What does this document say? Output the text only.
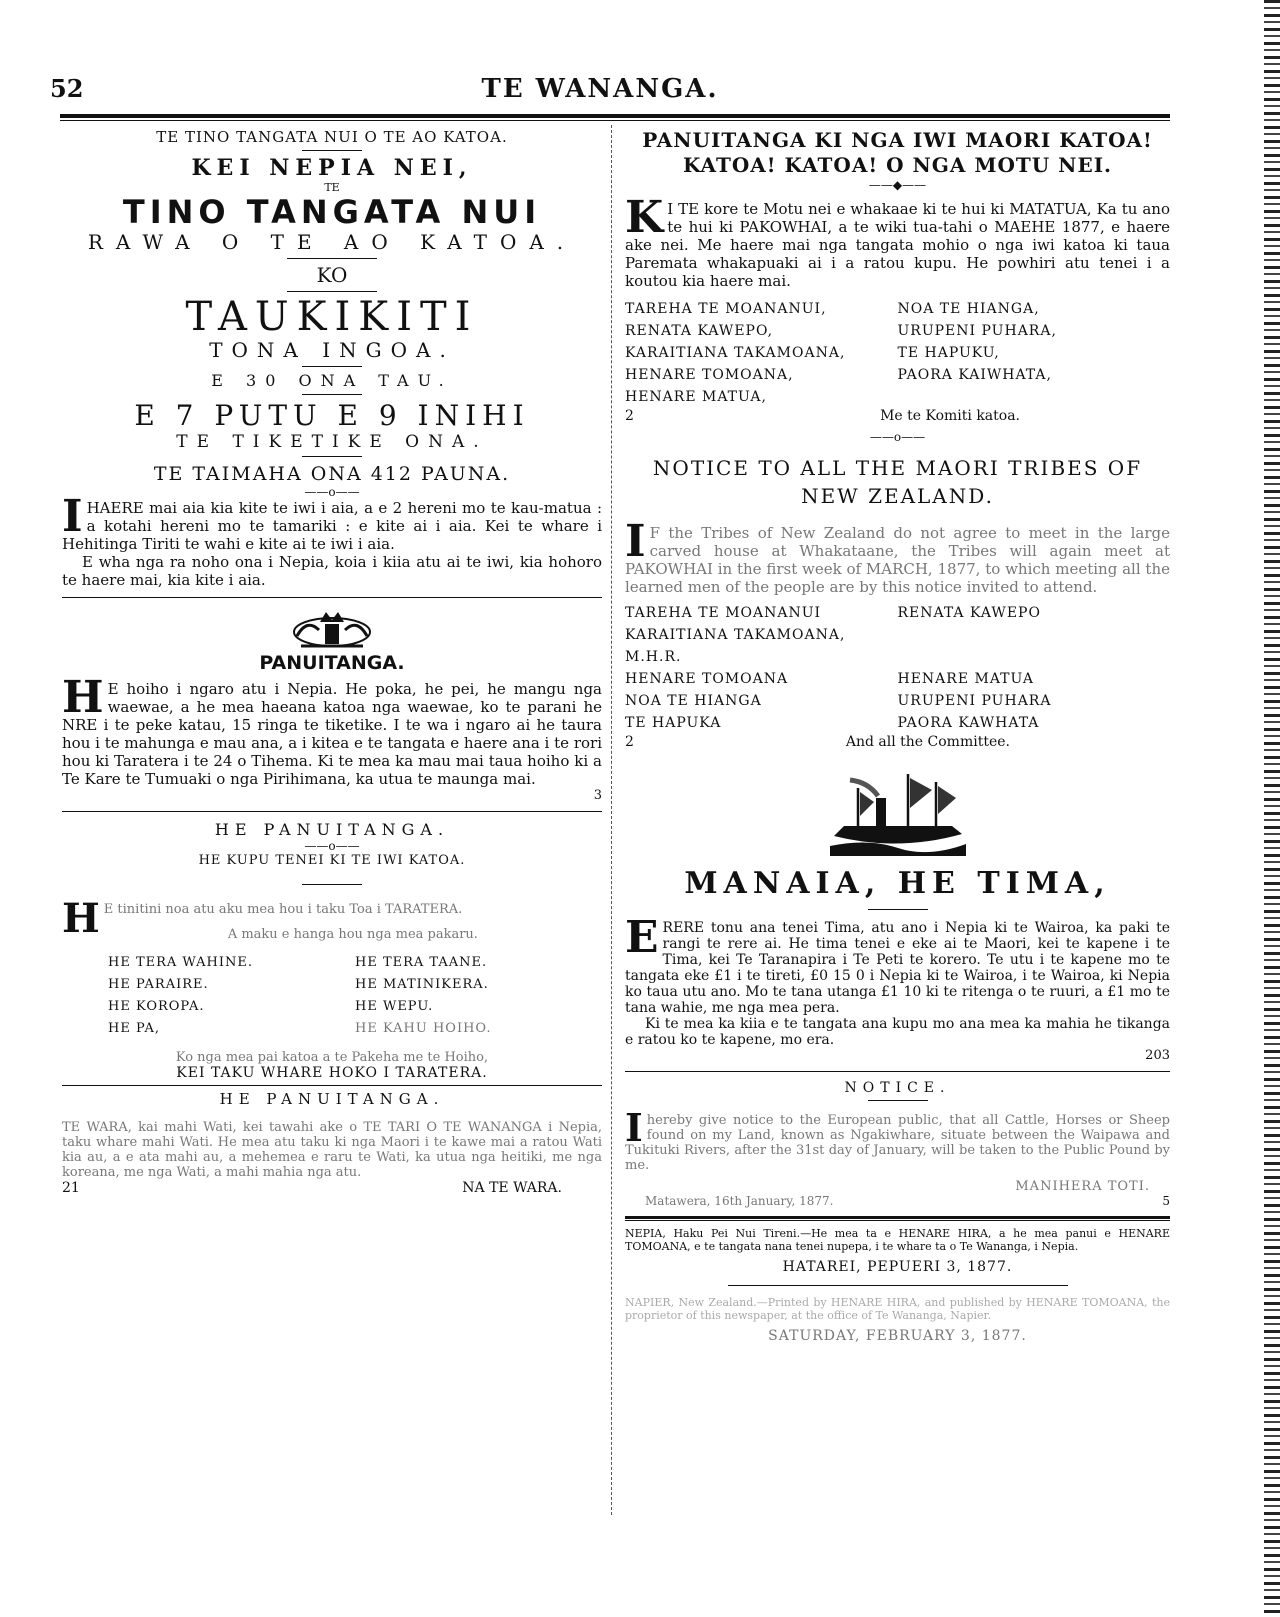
52	TE WANANGA.
TE TINO TANGATA NUI O TE AO KATOA.
KEI NEPIA NEI,
TE
TINO TANGATA NUI
RAWA O TE AO KATOA.
KO
TAUKIKITI
TONA INGOA.
E 30 ONA TAU.
E 7 PUTU E 9 INIHI
TE TIKETIKE ONA.
TE TAIMAHA ONA 412 PAUNA.
——o——

IHAERE mai aia kia kite te iwi i aia, a e 2 hereni mo te kau-matua : a kotahi hereni mo te tamariki : e kite ai i aia. Kei te whare i Hehitinga Tiriti te wahi e kite ai te iwi i aia.

E wha nga ra noho ona i Nepia, koia i kiia atu ai te iwi, kia hohoro te haere mai, kia kite i aia.

PANUITANGA.

H E hoiho i ngaro atu i Nepia. He poka, he pei, he mangu nga waewae, a he mea haeana katoa nga waewae, ko te parani he NRE i te peke katau, 15 ringa te tiketike. I te wa i ngaro ai he taura hou i te mahunga e mau ana, a i kitea e te tangata e haere ana i te rori hou ki Taratera i te 24 o Tihema. Ki te mea ka mau mai taua hoiho ki a Te Kare te Tumuaki o nga Pirihimana, ka utua te maunga mai.

3
HE PANUITANGA.
——o——
HE KUPU TENEI KI TE IWI KATOA.

H E tinitini noa atu aku mea hou i taku Toa i TARATERA.

A maku e hanga hou nga mea pakaru.
HE TERA WAHINE.	HE TERA TAANE.
HE PARAIRE.	HE MATINIKERA.
HE KOROPA.	HE WEPU.
HE PA,	HE KAHU HOIHO.
Ko nga mea pai katoa a te Pakeha me te Hoiho,
KEI TAKU WHARE HOKO I TARATERA.
HE PANUITANGA.

TE WARA, kai mahi Wati, kei tawahi ake o TE TARI O TE WANANGA i Nepia, taku whare mahi Wati. He mea atu taku ki nga Maori i te kawe mai a ratou Wati kia au, a e ata mahi au, a mehemea e raru te Wati, ka utua nga heitiki, me nga koreana, me nga Wati, a mahi mahia nga atu.

21	NA TE WARA.
PANUITANGA KI NGA IWI MAORI KATOA! KATOA! KATOA! O NGA MOTU NEI.
——◆——

K I TE kore te Motu nei e whakaae ki te hui ki MATATUA, Ka tu ano te hui ki PAKOWHAI, a te wiki tua-tahi o MAEHE 1877, e haere ake nei. Me haere mai nga tangata mohio o nga iwi katoa ki taua Paremata whakapuaki ai i a ratou kupu. He powhiri atu tenei i a koutou kia haere mai.

TAREHA TE MOANANUI,	NOA TE HIANGA,
RENATA KAWEPO,	URUPENI PUHARA,
KARAITIANA TAKAMOANA,	TE HAPUKU,
HENARE TOMOANA,	PAORA KAIWHATA,
HENARE MATUA,
2	Me te Komiti katoa.
——o——
NOTICE TO ALL THE MAORI TRIBES OF NEW ZEALAND.

I F the Tribes of New Zealand do not agree to meet in the large carved house at Whakataane, the Tribes will again meet at PAKOWHAI in the first week of MARCH, 1877, to which meeting all the learned men of the people are by this notice invited to attend.

TAREHA TE MOANANUI	RENATA KAWEPO
KARAITIANA TAKAMOANA, M.H.R.
HENARE TOMOANA	HENARE MATUA
NOA TE HIANGA	URUPENI PUHARA
TE HAPUKA	PAORA KAWHATA
2	And all the Committee.
MANAIA, HE TIMA,

ERERE tonu ana tenei Tima, atu ano i Nepia ki te Wairoa, ka paki te rangi te rere ai. He tima tenei e eke ai te Maori, kei te kapene i te Tima, kei Te Taranapira i Te Peti te korero. Te utu i te kapene mo te tangata eke £1 i te tireti, £0 15 0 i Nepia ki te Wairoa, i te Wairoa, ki Nepia ko taua utu ano. Mo te tana utanga £1 10 ki te ritenga o te ruuri, a £1 mo te tana wahie, me nga mea pera.

Ki te mea ka kiia e te tangata ana kupu mo ana mea ka mahia he tikanga e ratou ko te kapene, mo era.

203
NOTICE.

Ihereby give notice to the European public, that all Cattle, Horses or Sheep found on my Land, known as Ngakiwhare, situate between the Waipawa and Tukituki Rivers, after the 31st day of January, will be taken to the Public Pound by me.

MANIHERA TOTI.
Matawera, 16th January, 1877.	5

NEPIA, Haku Pei Nui Tireni.—He mea ta e HENARE HIRA, a he mea panui e HENARE TOMOANA, e te tangata nana tenei nupepa, i te whare ta o Te Wananga, i Nepia.

HATAREI, PEPUERI 3, 1877.

NAPIER, New Zealand.—Printed by HENARE HIRA, and published by HENARE TOMOANA, the proprietor of this newspaper, at the office of Te Wananga, Napier.

SATURDAY, FEBRUARY 3, 1877.
